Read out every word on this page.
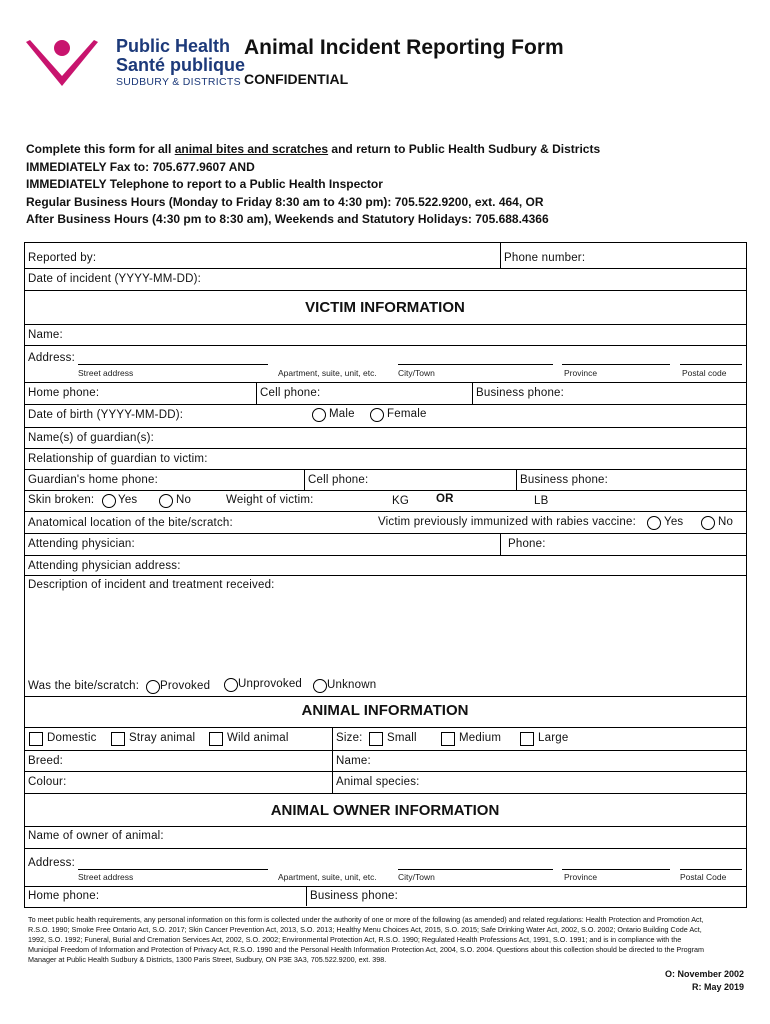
Public Health
Santé publique
SUDBURY & DISTRICTS
Animal Incident Reporting Form
CONFIDENTIAL
Complete this form for all animal bites and scratches and return to Public Health Sudbury & Districts
IMMEDIATELY Fax to: 705.677.9607 AND
IMMEDIATELY Telephone to report to a Public Health Inspector
Regular Business Hours (Monday to Friday 8:30 am to 4:30 pm): 705.522.9200, ext. 464, OR
After Business Hours (4:30 pm to 8:30 am), Weekends and Statutory Holidays: 705.688.4366
Reported by:	Phone number:
Date of incident (YYYY-MM-DD):
VICTIM INFORMATION
Name:
Address:
Street address	Apartment, suite, unit, etc.	City/Town	Province	Postal code
Home phone:	Cell phone:	Business phone:
Date of birth (YYYY-MM-DD):	Male	Female
Name(s) of guardian(s):
Relationship of guardian to victim:
Guardian's home phone:	Cell phone:	Business phone:
Skin broken: Yes	No	Weight of victim:	KG OR	LB
Anatomical location of the bite/scratch:	Victim previously immunized with rabies vaccine: Yes	No
Attending physician:	Phone:
Attending physician address:
Description of incident and treatment received:
Was the bite/scratch: Provoked Unprovoked Unknown
ANIMAL INFORMATION
Domestic	Stray animal	Wild animal	Size: Small	Medium	Large
Breed:	Name:
Colour:	Animal species:
ANIMAL OWNER INFORMATION
Name of owner of animal:
Address:
Street address	Apartment, suite, unit, etc.	City/Town	Province	Postal Code
Home phone:	Business phone:
To meet public health requirements, any personal information on this form is collected under the authority of one or more of the following (as amended) and related regulations: Health Protection and Promotion Act,
R.S.O. 1990; Smoke Free Ontario Act, S.O. 2017; Skin Cancer Prevention Act, 2013, S.O. 2013; Healthy Menu Choices Act, 2015, S.O. 2015; Safe Drinking Water Act, 2002, S.O. 2002; Ontario Building Code Act,
1992, S.O. 1992; Funeral, Burial and Cremation Services Act, 2002, S.O. 2002; Environmental Protection Act, R.S.O. 1990; Regulated Health Professions Act, 1991, S.O. 1991; and is in compliance with the
Municipal Freedom of Information and Protection of Privacy Act, R.S.O. 1990 and the Personal Health Information Protection Act, 2004, S.O. 2004. Questions about this collection should be directed to the Program
Manager at Public Health Sudbury & Districts, 1300 Paris Street, Sudbury, ON P3E 3A3, 705.522.9200, ext. 398.
O: November 2002
R: May 2019
